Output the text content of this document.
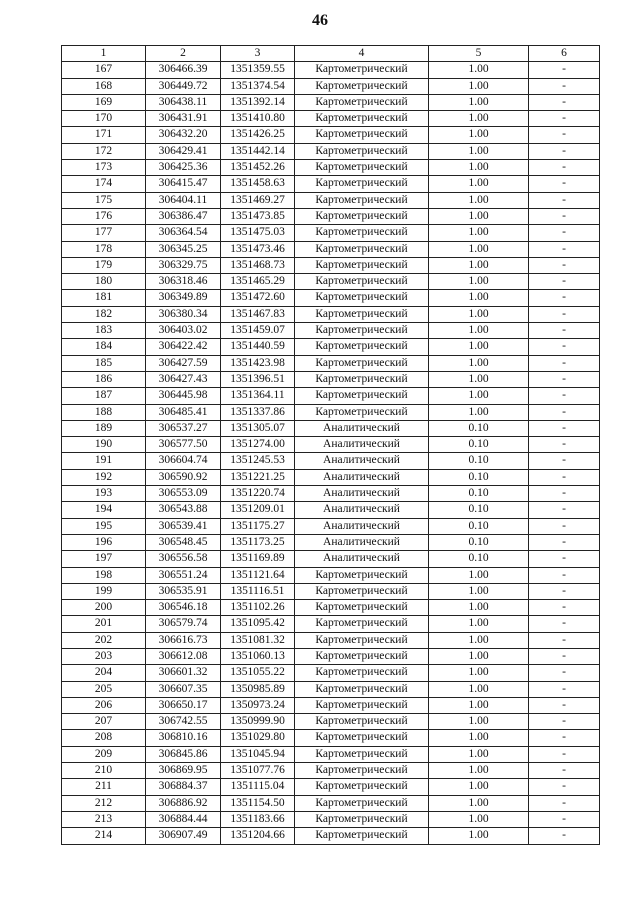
46
1	2	3	4	5	6
167	306466.39	1351359.55	Картометрический	1.00	-
168	306449.72	1351374.54	Картометрический	1.00	-
169	306438.11	1351392.14	Картометрический	1.00	-
170	306431.91	1351410.80	Картометрический	1.00	-
171	306432.20	1351426.25	Картометрический	1.00	-
172	306429.41	1351442.14	Картометрический	1.00	-
173	306425.36	1351452.26	Картометрический	1.00	-
174	306415.47	1351458.63	Картометрический	1.00	-
175	306404.11	1351469.27	Картометрический	1.00	-
176	306386.47	1351473.85	Картометрический	1.00	-
177	306364.54	1351475.03	Картометрический	1.00	-
178	306345.25	1351473.46	Картометрический	1.00	-
179	306329.75	1351468.73	Картометрический	1.00	-
180	306318.46	1351465.29	Картометрический	1.00	-
181	306349.89	1351472.60	Картометрический	1.00	-
182	306380.34	1351467.83	Картометрический	1.00	-
183	306403.02	1351459.07	Картометрический	1.00	-
184	306422.42	1351440.59	Картометрический	1.00	-
185	306427.59	1351423.98	Картометрический	1.00	-
186	306427.43	1351396.51	Картометрический	1.00	-
187	306445.98	1351364.11	Картометрический	1.00	-
188	306485.41	1351337.86	Картометрический	1.00	-
189	306537.27	1351305.07	Аналитический	0.10	-
190	306577.50	1351274.00	Аналитический	0.10	-
191	306604.74	1351245.53	Аналитический	0.10	-
192	306590.92	1351221.25	Аналитический	0.10	-
193	306553.09	1351220.74	Аналитический	0.10	-
194	306543.88	1351209.01	Аналитический	0.10	-
195	306539.41	1351175.27	Аналитический	0.10	-
196	306548.45	1351173.25	Аналитический	0.10	-
197	306556.58	1351169.89	Аналитический	0.10	-
198	306551.24	1351121.64	Картометрический	1.00	-
199	306535.91	1351116.51	Картометрический	1.00	-
200	306546.18	1351102.26	Картометрический	1.00	-
201	306579.74	1351095.42	Картометрический	1.00	-
202	306616.73	1351081.32	Картометрический	1.00	-
203	306612.08	1351060.13	Картометрический	1.00	-
204	306601.32	1351055.22	Картометрический	1.00	-
205	306607.35	1350985.89	Картометрический	1.00	-
206	306650.17	1350973.24	Картометрический	1.00	-
207	306742.55	1350999.90	Картометрический	1.00	-
208	306810.16	1351029.80	Картометрический	1.00	-
209	306845.86	1351045.94	Картометрический	1.00	-
210	306869.95	1351077.76	Картометрический	1.00	-
211	306884.37	1351115.04	Картометрический	1.00	-
212	306886.92	1351154.50	Картометрический	1.00	-
213	306884.44	1351183.66	Картометрический	1.00	-
214	306907.49	1351204.66	Картометрический	1.00	-
